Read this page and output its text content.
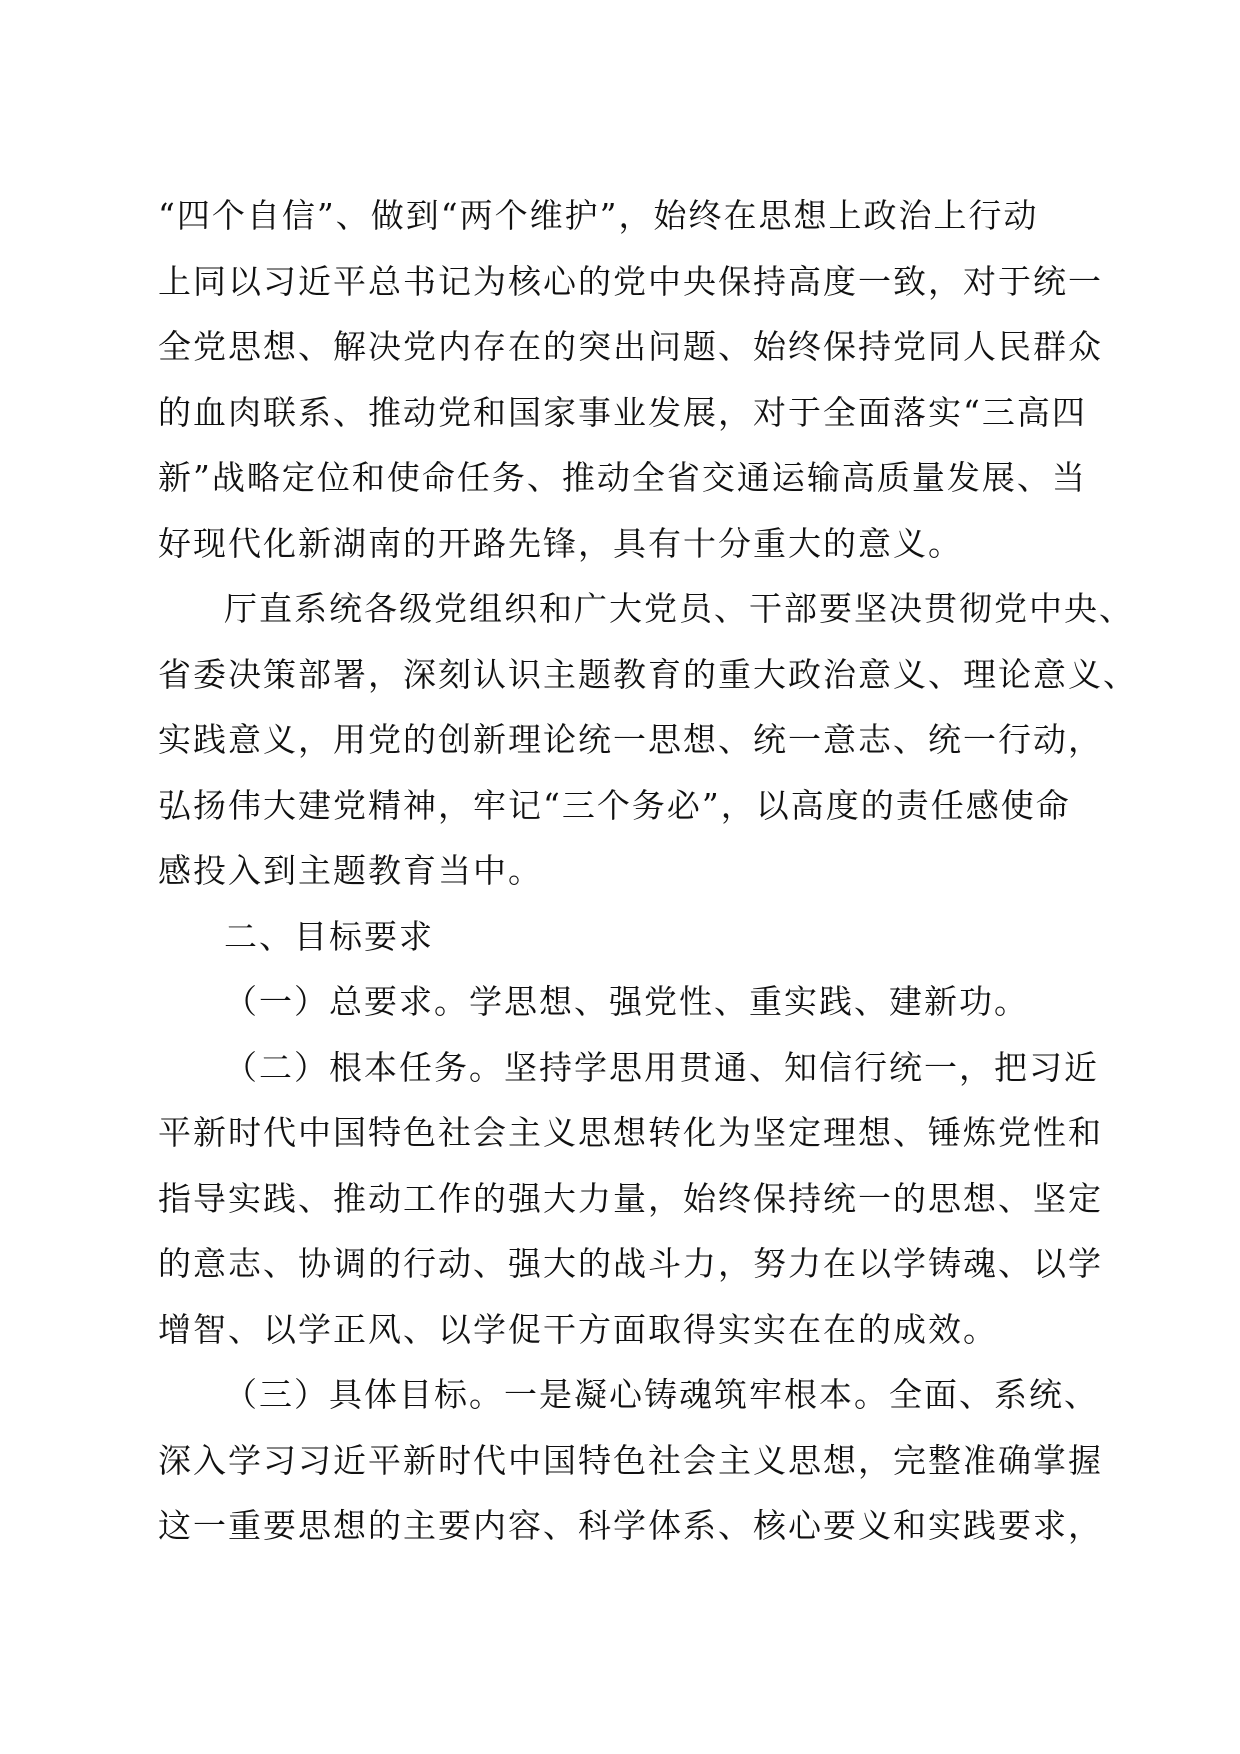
“四个自信”、做到“两个维护”，始终在思想上政治上行动
上同以习近平总书记为核心的党中央保持高度一致，对于统一
全党思想、解决党内存在的突出问题、始终保持党同人民群众
的血肉联系、推动党和国家事业发展，对于全面落实“三高四
新”战略定位和使命任务、推动全省交通运输高质量发展、当
好现代化新湖南的开路先锋，具有十分重大的意义。
厅直系统各级党组织和广大党员、干部要坚决贯彻党中央、
省委决策部署，深刻认识主题教育的重大政治意义、理论意义、
实践意义，用党的创新理论统一思想、统一意志、统一行动，
弘扬伟大建党精神，牢记“三个务必”，以高度的责任感使命
感投入到主题教育当中。
二、目标要求
（一）总要求。学思想、强党性、重实践、建新功。
（二）根本任务。坚持学思用贯通、知信行统一，把习近
平新时代中国特色社会主义思想转化为坚定理想、锤炼党性和
指导实践、推动工作的强大力量，始终保持统一的思想、坚定
的意志、协调的行动、强大的战斗力，努力在以学铸魂、以学
增智、以学正风、以学促干方面取得实实在在的成效。
（三）具体目标。一是凝心铸魂筑牢根本。全面、系统、
深入学习习近平新时代中国特色社会主义思想，完整准确掌握
这一重要思想的主要内容、科学体系、核心要义和实践要求，
